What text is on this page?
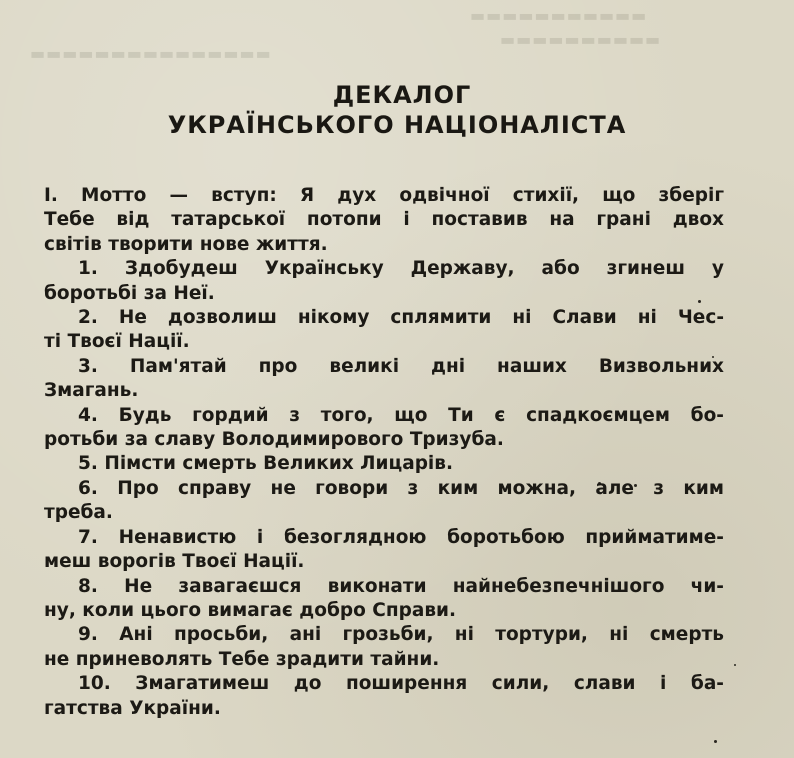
▬▬▬▬▬▬▬▬▬▬▬
▬▬▬▬▬▬▬▬▬▬
▬▬▬▬▬▬▬▬▬▬▬▬▬▬▬
ДЕКАЛОГ
УКРАЇНСЬКОГО НАЦІОНАЛІСТА
I. Мотто — вступ: Я дух одвічної стихії, що зберіг
Тебе від татарської потопи і поставив на грані двох
світів творити нове життя.
1. Здобудеш Українську Державу, або згинеш у
боротьбі за Неї.
2. Не дозволиш нікому сплямити ні Слави ні Чес-
ті Твоєї Нації.
3. Пам'ятай про великі дні наших Визвольних
Змагань.
4. Будь гордий з того, що Ти є спадкоємцем бо-
ротьби за славу Володимирового Тризуба.
5. Пімсти смерть Великих Лицарів.
6. Про справу не говори з ким можна, але з ким
треба.
7. Ненавистю і безоглядною боротьбою прийматиме-
меш ворогів Твоєї Нації.
8. Не завагаєшся виконати найнебезпечнішого чи-
ну, коли цього вимагає добро Справи.
9. Ані просьби, ані грозьби, ні тортури, ні смерть
не приневолять Тебе зрадити тайни.
10. Змагатимеш до поширення сили, слави і ба-
гатства України.
